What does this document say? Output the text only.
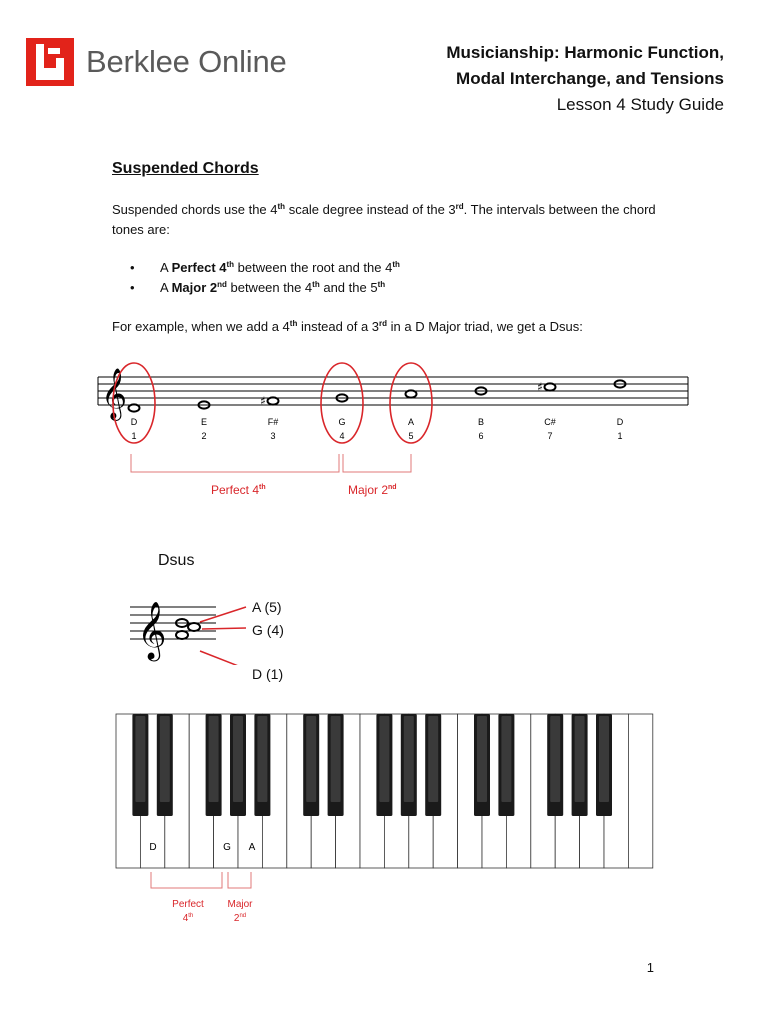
Berklee Online	Musicianship: Harmonic Function,
Modal Interchange, and Tensions
Lesson 4 Study Guide
Suspended Chords
Suspended chords use the 4th scale degree instead of the 3rd. The intervals between the chord tones are:
• A Perfect 4th between the root and the 4th
• A Major 2nd between the 4th and the 5th
For example, when we add a 4th instead of a 3rd in a D Major triad, we get a Dsus:
𝄞	♯
♯
D
1
E
2
F#
3
G
4
A
5
B
6
C#
7
D
1
Perfect 4th	Major 2nd
Dsus
𝄞	A (5)
G (4)
D (1)
D	G A
Perfect
4th
Major
2nd
1
